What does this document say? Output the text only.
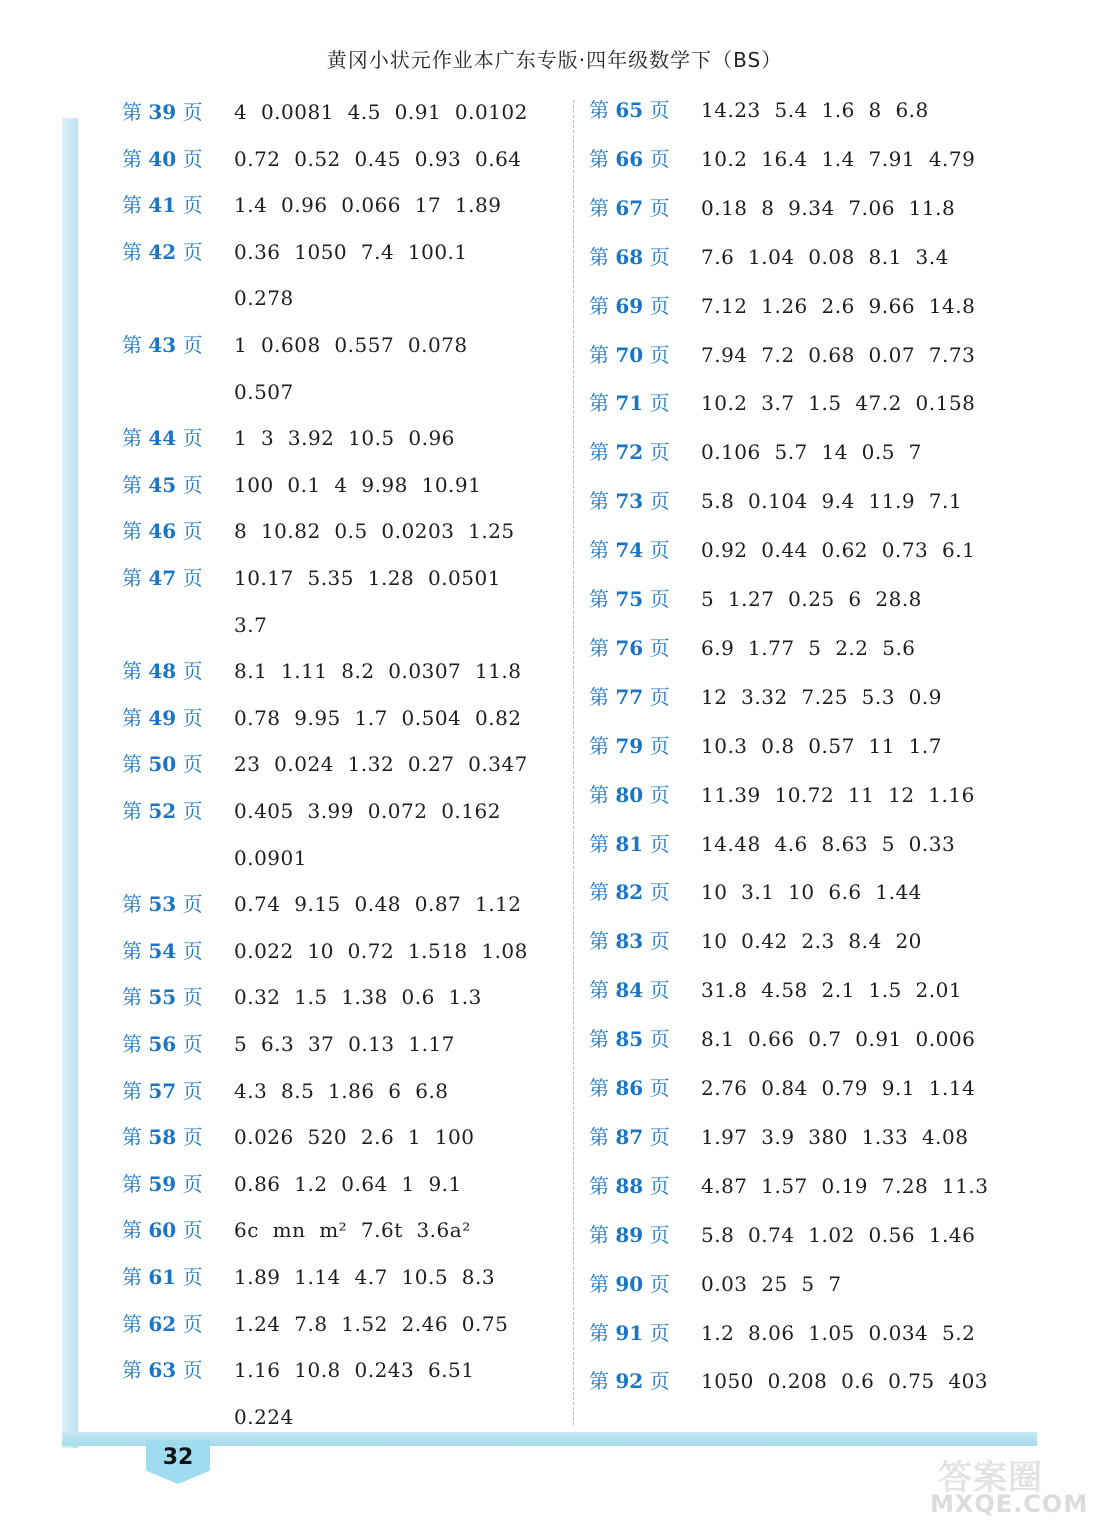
黄冈小状元作业本广东专版·四年级数学下（BS）
32
第 39 页 4  0.0081  4.5  0.91  0.0102
第 40 页 0.72  0.52  0.45  0.93  0.64
第 41 页 1.4  0.96  0.066  17  1.89
第 42 页 0.36  1050  7.4  100.1
0.278
第 43 页 1  0.608  0.557  0.078
0.507
第 44 页 1  3  3.92  10.5  0.96
第 45 页 100  0.1  4  9.98  10.91
第 46 页 8  10.82  0.5  0.0203  1.25
第 47 页 10.17  5.35  1.28  0.0501
3.7
第 48 页 8.1  1.11  8.2  0.0307  11.8
第 49 页 0.78  9.95  1.7  0.504  0.82
第 50 页 23  0.024  1.32  0.27  0.347
第 52 页 0.405  3.99  0.072  0.162
0.0901
第 53 页 0.74  9.15  0.48  0.87  1.12
第 54 页 0.022  10  0.72  1.518  1.08
第 55 页 0.32  1.5  1.38  0.6  1.3
第 56 页 5  6.3  37  0.13  1.17
第 57 页 4.3  8.5  1.86  6  6.8
第 58 页 0.026  520  2.6  1  100
第 59 页 0.86  1.2  0.64  1  9.1
第 60 页 6c  mn  m²  7.6t  3.6a²
第 61 页 1.89  1.14  4.7  10.5  8.3
第 62 页 1.24  7.8  1.52  2.46  0.75
第 63 页 1.16  10.8  0.243  6.51
0.224
第 65 页 14.23  5.4  1.6  8  6.8
第 66 页 10.2  16.4  1.4  7.91  4.79
第 67 页 0.18  8  9.34  7.06  11.8
第 68 页 7.6  1.04  0.08  8.1  3.4
第 69 页 7.12  1.26  2.6  9.66  14.8
第 70 页 7.94  7.2  0.68  0.07  7.73
第 71 页 10.2  3.7  1.5  47.2  0.158
第 72 页 0.106  5.7  14  0.5  7
第 73 页 5.8  0.104  9.4  11.9  7.1
第 74 页 0.92  0.44  0.62  0.73  6.1
第 75 页 5  1.27  0.25  6  28.8
第 76 页 6.9  1.77  5  2.2  5.6
第 77 页 12  3.32  7.25  5.3  0.9
第 79 页 10.3  0.8  0.57  11  1.7
第 80 页 11.39  10.72  11  12  1.16
第 81 页 14.48  4.6  8.63  5  0.33
第 82 页 10  3.1  10  6.6  1.44
第 83 页 10  0.42  2.3  8.4  20
第 84 页 31.8  4.58  2.1  1.5  2.01
第 85 页 8.1  0.66  0.7  0.91  0.006
第 86 页 2.76  0.84  0.79  9.1  1.14
第 87 页 1.97  3.9  380  1.33  4.08
第 88 页 4.87  1.57  0.19  7.28  11.3
第 89 页 5.8  0.74  1.02  0.56  1.46
第 90 页 0.03  25  5  7
第 91 页 1.2  8.06  1.05  0.034  5.2
第 92 页 1050  0.208  0.6  0.75  403
答案圈
MXQE.COM
